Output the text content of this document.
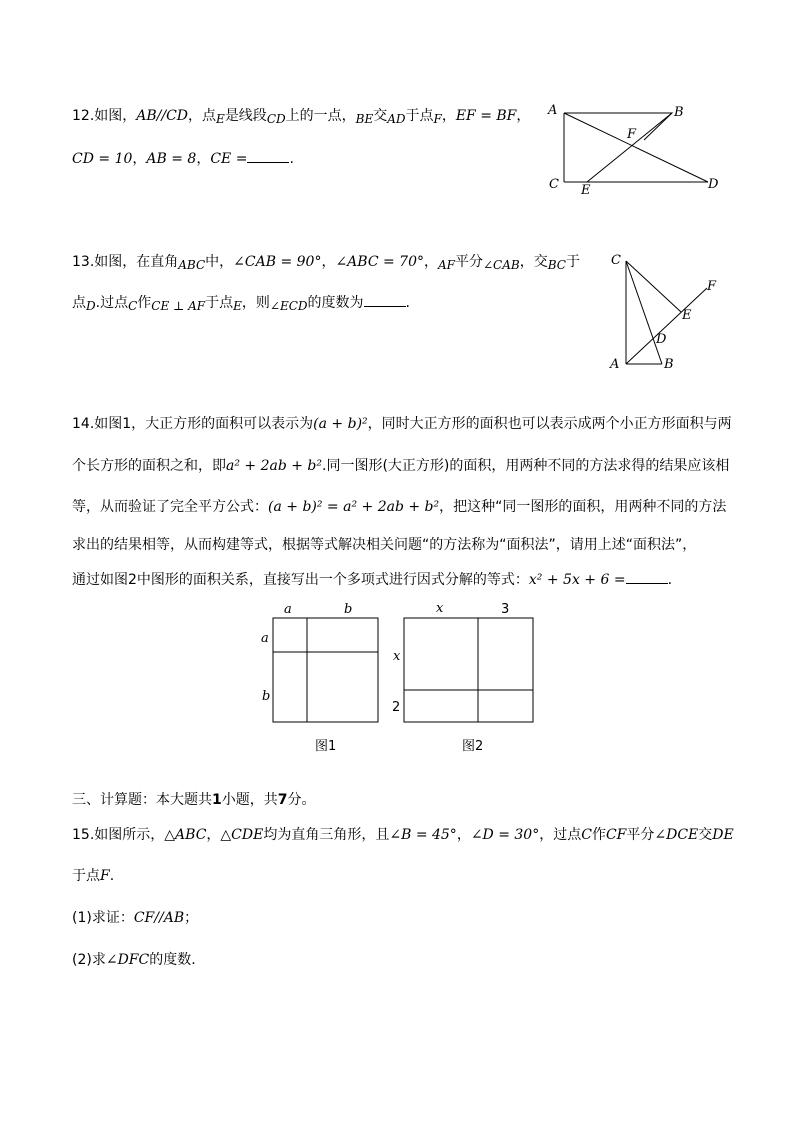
12.如图，AB//CD，点E是线段CD上的一点，BE交AD于点F，EF = BF，
CD = 10，AB = 8，CE =	.
A	B
F
C E	D
13.如图，在直角ABC中，∠CAB = 90°，∠ABC = 70°，AF平分∠CAB，交BC于
点D.过点C作CE ⊥ AF于点E，则∠ECD的度数为	.
C
F
E
D
A	B
14.如图1，大正方形的面积可以表示为(a + b)²，同时大正方形的面积也可以表示成两个小正方形面积与两
个长方形的面积之和，即a² + 2ab + b².同一图形(大正方形)的面积，用两种不同的方法求得的结果应该相
等，从而验证了完全平方公式：(a + b)² = a² + 2ab + b²，把这种“同一图形的面积，用两种不同的方法
求出的结果相等，从而构建等式，根据等式解决相关问题“的方法称为“面积法”，请用上述“面积法”，
通过如图2中图形的面积关系，直接写出一个多项式进行因式分解的等式：x² + 5x + 6 =	.
a	b
a
b
图1
x	3
x
2
图2
三、计算题：本大题共1小题，共7分。
15.如图所示，△ABC，△CDE均为直角三角形，且∠B = 45°，∠D = 30°，过点C作CF平分∠DCE交DE
于点F.
(1)求证：CF//AB；
(2)求∠DFC的度数.
